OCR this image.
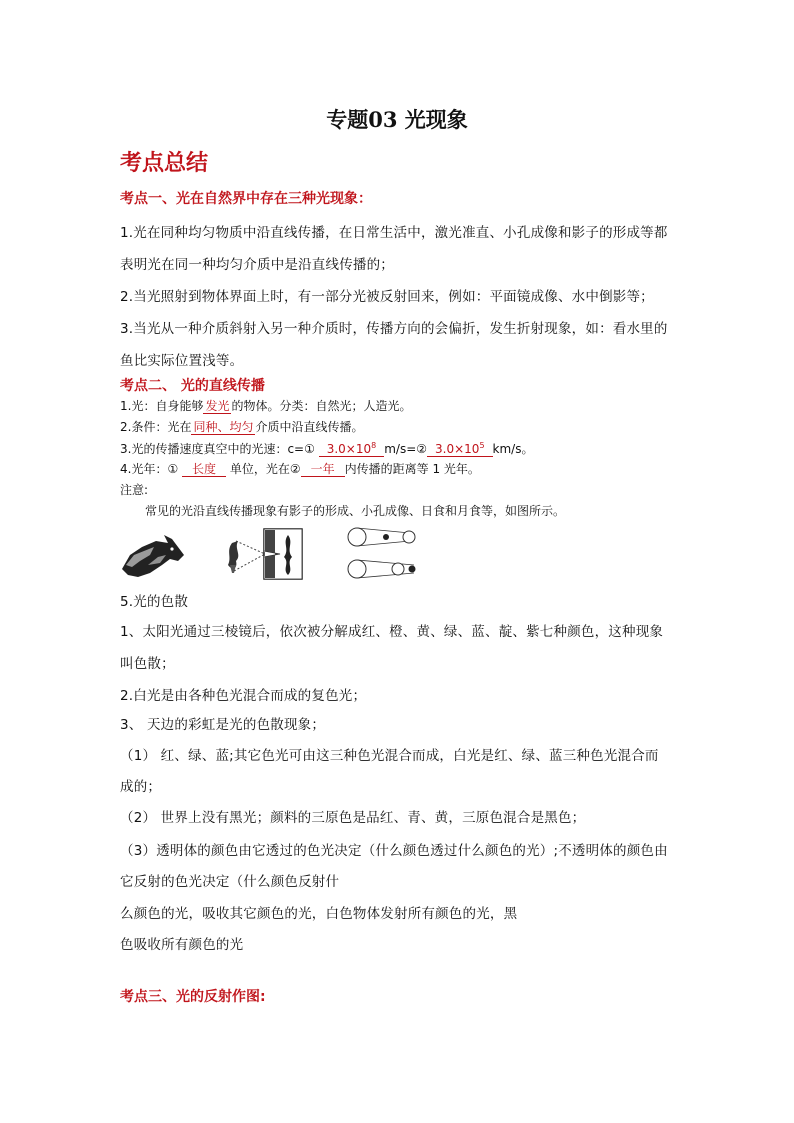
专题03 光现象
考点总结
考点一、光在自然界中存在三种光现象：
1.光在同种均匀物质中沿直线传播，在日常生活中，激光准直、小孔成像和影子的形成等都
表明光在同一种均匀介质中是沿直线传播的；
2.当光照射到物体界面上时，有一部分光被反射回来，例如：平面镜成像、水中倒影等；
3.当光从一种介质斜射入另一种介质时，传播方向的会偏折，发生折射现象，如：看水里的
鱼比实际位置浅等。
考点二、 光的直线传播
1.光：自身能够 发光 的物体。分类：自然光；人造光。
2.条件：光在 同种、均匀 介质中沿直线传播。
3.光的传播速度真空中的光速：c=① $3.0\times 10^8$ m/s=② $3.0\times 10^5$ km/s。
4.光年：① 长度 单位，光在② 一年 内传播的距离等 1 光年。
注意:
常见的光沿直线传播现象有影子的形成、小孔成像、日食和月食等，如图所示。
5.光的色散
1、太阳光通过三棱镜后，依次被分解成红、橙、黄、绿、蓝、靛、紫七种颜色，这种现象
叫色散；
2.白光是由各种色光混合而成的复色光；
3、 天边的彩虹是光的色散现象；
（1） 红、绿、蓝;其它色光可由这三种色光混合而成，白光是红、绿、蓝三种色光混合而
成的；
（2） 世界上没有黑光；颜料的三原色是品红、青、黄，三原色混合是黑色；
（3）透明体的颜色由它透过的色光决定（什么颜色透过什么颜色的光）;不透明体的颜色由
它反射的色光决定（什么颜色反射什
么颜色的光，吸收其它颜色的光，白色物体发射所有颜色的光，黑
色吸收所有颜色的光
考点三、光的反射作图:
